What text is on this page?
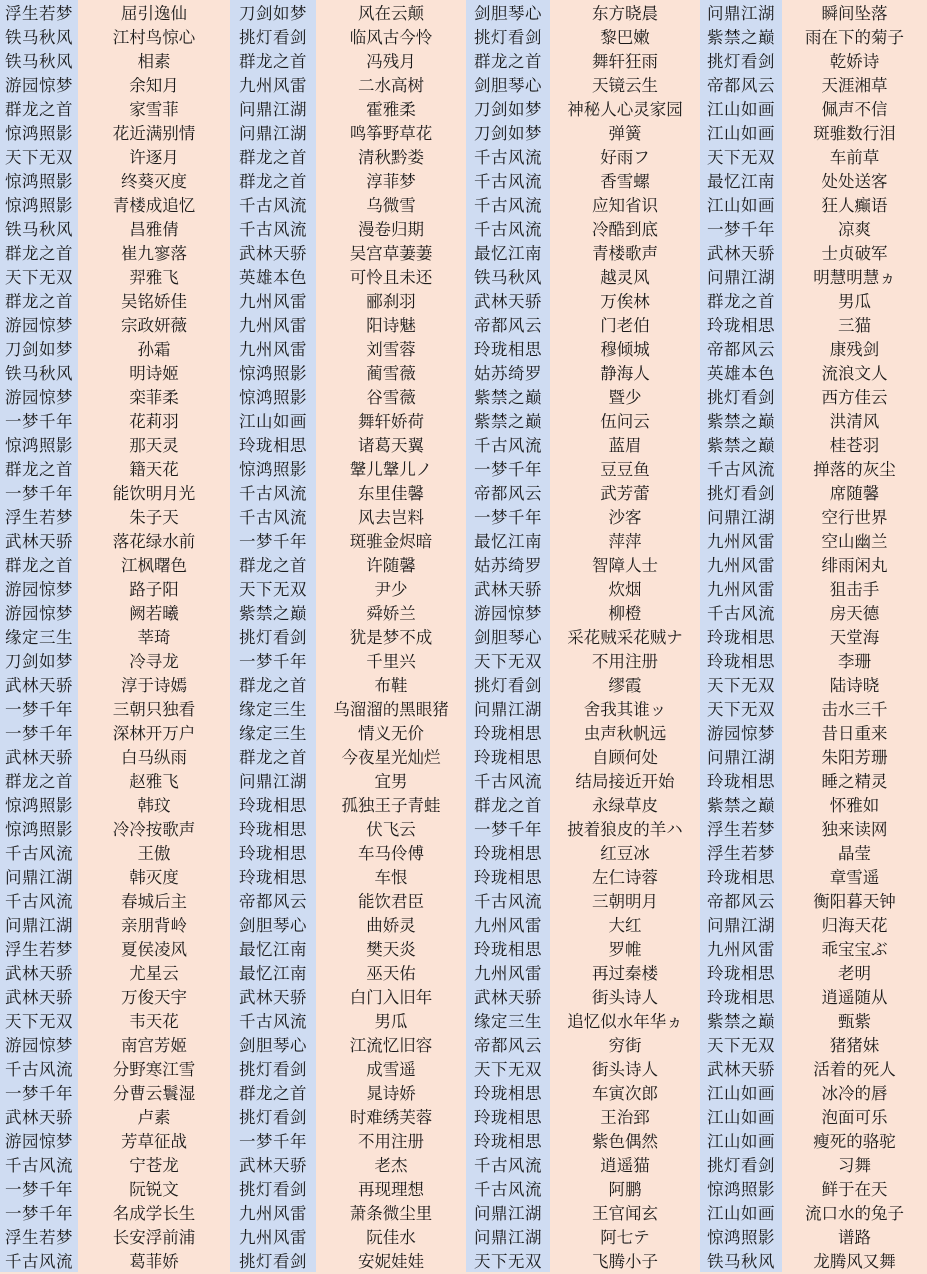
浮生若梦
铁马秋风
铁马秋风
游园惊梦
群龙之首
惊鸿照影
天下无双
惊鸿照影
惊鸿照影
铁马秋风
群龙之首
天下无双
群龙之首
游园惊梦
刀剑如梦
铁马秋风
游园惊梦
一梦千年
惊鸿照影
群龙之首
一梦千年
浮生若梦
武林天骄
群龙之首
游园惊梦
游园惊梦
缘定三生
刀剑如梦
武林天骄
一梦千年
一梦千年
武林天骄
群龙之首
惊鸿照影
惊鸿照影
千古风流
问鼎江湖
千古风流
问鼎江湖
浮生若梦
武林天骄
武林天骄
天下无双
游园惊梦
千古风流
一梦千年
武林天骄
游园惊梦
千古风流
一梦千年
一梦千年
浮生若梦
千古风流
屈引逸仙
江村鸟惊心
相素
余知月
家雪菲
花近满别情
许逐月
终葵灭度
青楼成追忆
昌雅倩
崔九寥落
羿雅飞
吴铭娇佳
宗政妍薇
孙霜
明诗姬
栾菲柔
花莉羽
那天灵
籍天花
能饮明月光
朱子天
落花绿水前
江枫曙色
路子阳
阙若曦
莘琦
冷寻龙
淳于诗嫣
三朝只独看
深林开万户
白马纵雨
赵雅飞
韩玟
冷冷按歌声
王傲
韩灭度
春城后主
亲朋背岭
夏侯凌风
尤星云
万俊天宇
韦天花
南宫芳姬
分野寒江雪
分曹云鬟湿
卢素
芳草征战
宁苍龙
阮锐文
名成学长生
长安浮前浦
葛菲娇
刀剑如梦
挑灯看剑
群龙之首
九州风雷
问鼎江湖
问鼎江湖
群龙之首
群龙之首
千古风流
千古风流
武林天骄
英雄本色
九州风雷
九州风雷
九州风雷
惊鸿照影
惊鸿照影
江山如画
玲珑相思
惊鸿照影
千古风流
千古风流
一梦千年
群龙之首
天下无双
紫禁之巅
挑灯看剑
一梦千年
群龙之首
缘定三生
缘定三生
群龙之首
问鼎江湖
玲珑相思
玲珑相思
玲珑相思
玲珑相思
帝都风云
剑胆琴心
最忆江南
最忆江南
武林天骄
千古风流
剑胆琴心
挑灯看剑
群龙之首
挑灯看剑
一梦千年
武林天骄
挑灯看剑
九州风雷
九州风雷
挑灯看剑
风在云颠
临风古今怜
冯残月
二水高树
霍雅柔
鸣筝野草花
清秋黔娄
淳菲梦
乌微雪
漫卷归期
吴宫草萋萋
可怜且未还
郦刹羽
阳诗魅
刘雪蓉
蔺雪薇
谷雪薇
舞轩娇荷
诸葛天翼
鞶儿鞶儿ノ
东里佳馨
风去岂料
斑骓金烬暗
许随馨
尹少
舜娇兰
犹是梦不成
千里兴
布鞋
乌溜溜的黑眼猪
情义无价
今夜星光灿烂
宜男
孤独王子青蛙
伏飞云
车马伶傅
车恨
能饮君臣
曲娇灵
樊天炎
巫天佑
白门入旧年
男瓜
江流忆旧容
成雪遥
晁诗娇
时难绣芙蓉
不用注册
老杰
再现理想
萧条微尘里
阮佳水
安妮娃娃
剑胆琴心
挑灯看剑
群龙之首
剑胆琴心
刀剑如梦
刀剑如梦
千古风流
千古风流
千古风流
千古风流
最忆江南
铁马秋风
武林天骄
帝都风云
玲珑相思
姑苏绮罗
紫禁之巅
紫禁之巅
千古风流
一梦千年
帝都风云
一梦千年
最忆江南
姑苏绮罗
武林天骄
游园惊梦
剑胆琴心
天下无双
挑灯看剑
问鼎江湖
玲珑相思
玲珑相思
千古风流
群龙之首
一梦千年
玲珑相思
玲珑相思
千古风流
九州风雷
玲珑相思
九州风雷
武林天骄
缘定三生
帝都风云
天下无双
玲珑相思
玲珑相思
玲珑相思
千古风流
千古风流
问鼎江湖
问鼎江湖
天下无双
东方晓晨
黎巴嫩
舞轩狂雨
天镜云生
神秘人心灵家园
弹簧
好雨フ
香雪螺
应知省识
冷酷到底
青楼歌声
越灵风
万俟林
门老伯
穆倾城
静海人
暨少
伍问云
蓝眉
豆豆鱼
武芳蕾
沙客
萍萍
智障人士
炊烟
柳橙
采花贼采花贼ナ
不用注册
缪霞
舍我其谁ッ
虫声秋帆远
自顾何处
结局接近开始
永绿草皮
披着狼皮的羊ハ
红豆冰
左仁诗蓉
三朝明月
大红
罗帷
再过秦楼
街头诗人
追忆似水年华ヵ
穷街
街头诗人
车寅次郎
王治郅
紫色偶然
逍遥猫
阿鹏
王官闻玄
阿七テ
飞腾小子
问鼎江湖
紫禁之巅
挑灯看剑
帝都风云
江山如画
江山如画
天下无双
最忆江南
江山如画
一梦千年
武林天骄
问鼎江湖
群龙之首
玲珑相思
帝都风云
英雄本色
挑灯看剑
紫禁之巅
紫禁之巅
千古风流
挑灯看剑
问鼎江湖
九州风雷
九州风雷
九州风雷
千古风流
玲珑相思
玲珑相思
天下无双
天下无双
游园惊梦
问鼎江湖
玲珑相思
紫禁之巅
浮生若梦
浮生若梦
玲珑相思
帝都风云
问鼎江湖
九州风雷
玲珑相思
玲珑相思
紫禁之巅
天下无双
武林天骄
江山如画
江山如画
江山如画
挑灯看剑
惊鸿照影
江山如画
惊鸿照影
铁马秋风
瞬间坠落
雨在下的菊子
乾娇诗
天涯湘草
佩声不信
斑骓数行泪
车前草
处处送客
狂人癫语
凉爽
士贞破军
明慧明慧ヵ
男瓜
三猫
康残剑
流浪文人
西方佳云
洪清风
桂苍羽
掸落的灰尘
席随馨
空行世界
空山幽兰
绯雨闲丸
狙击手
房天德
天堂海
李珊
陆诗晓
击水三千
昔日重来
朱阳芳珊
睡之精灵
怀雅如
独来读网
晶莹
章雪遥
衡阳暮天钟
归海天花
乖宝宝ぶ
老明
逍遥随从
甄紫
猪猪妹
活着的死人
冰冷的唇
泡面可乐
瘦死的骆驼
习舞
鲜于在天
流口水的兔子
谱路
龙腾风又舞
